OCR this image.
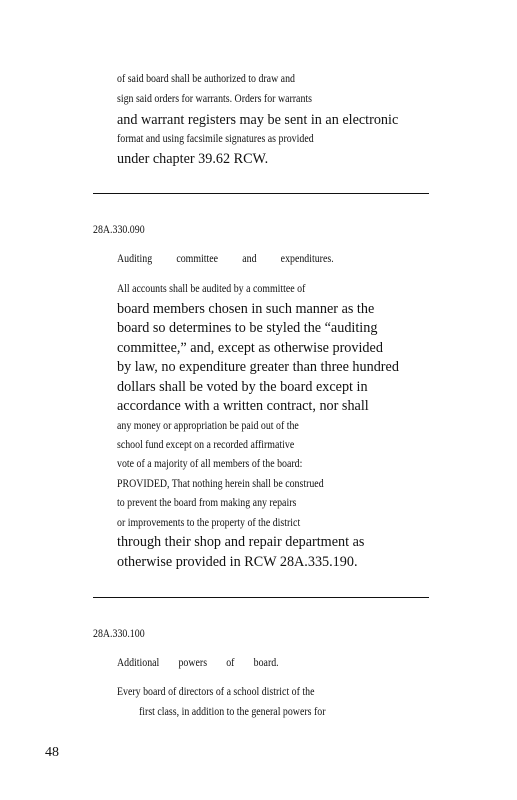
of said board shall be authorized to draw and
sign said orders for warrants. Orders for warrants
and warrant registers may be sent in an electronic
format and using facsimile signatures as provided
under chapter 39.62 RCW.
28A.330.090
Auditing committee and expenditures.
All accounts shall be audited by a committee of
board members chosen in such manner as the
board so determines to be styled the “auditing
committee,” and, except as otherwise provided
by law, no expenditure greater than three hundred
dollars shall be voted by the board except in
accordance with a written contract, nor shall
any money or appropriation be paid out of the
school fund except on a recorded affirmative
vote of a majority of all members of the board:
PROVIDED, That nothing herein shall be construed
to prevent the board from making any repairs
or improvements to the property of the district
through their shop and repair department as
otherwise provided in RCW 28A.335.190.
28A.330.100
Additional powers of board.
Every board of directors of a school district of the
first class, in addition to the general powers for
48
